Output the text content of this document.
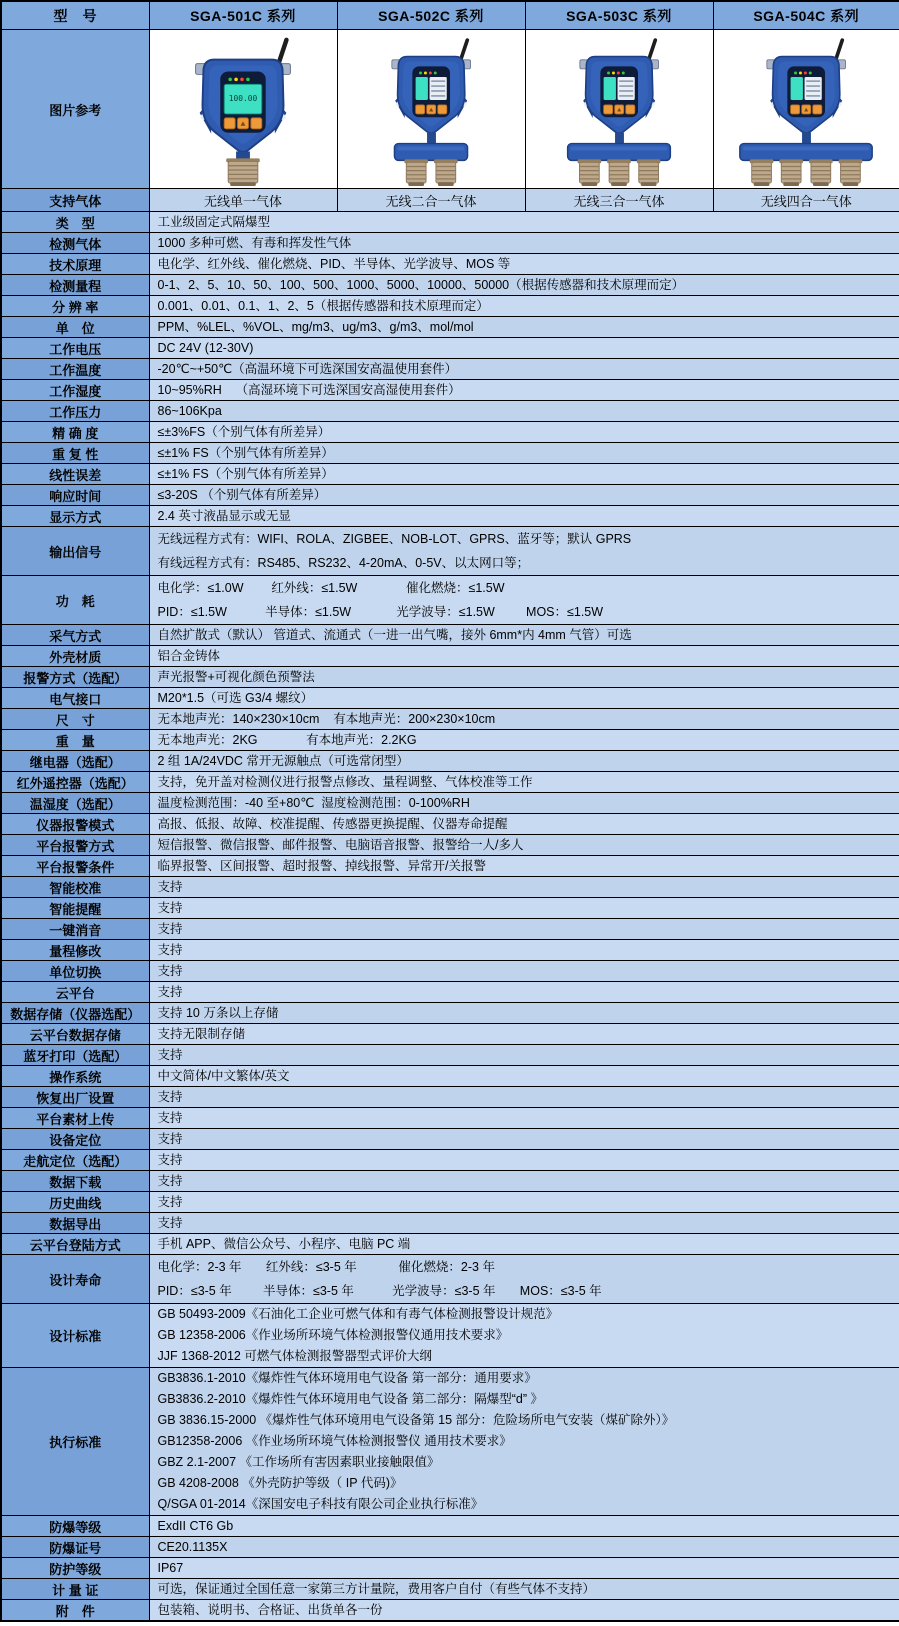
型　号	SGA-501C 系列	SGA-502C 系列	SGA-503C 系列	SGA-504C 系列
图片参考	100.00

支持气体	无线单一气体	无线二合一气体	无线三合一气体	无线四合一气体
类　型	工业级固定式隔爆型			

检测气体	1000 多种可燃、有毒和挥发性气体			

技术原理	电化学、红外线、催化燃烧、PID、半导体、光学波导、MOS 等			

检测量程	0-1、2、5、10、50、100、500、1000、5000、10000、50000（根据传感器和技术原理而定）			

分 辨 率	0.001、0.01、0.1、1、2、5（根据传感器和技术原理而定）			

单　位	PPM、%LEL、%VOL、mg/m3、ug/m3、g/m3、mol/mol			

工作电压	DC 24V (12-30V)			

工作温度	-20℃~+50℃（高温环境下可选深国安高温使用套件）			

工作湿度	10~95%RH    （高湿环境下可选深国安高湿使用套件）			

工作压力	86~106Kpa			

精 确 度	≤±3%FS（个别气体有所差异）			

重 复 性	≤±1% FS（个别气体有所差异）			

线性误差	≤±1% FS（个别气体有所差异）			

响应时间	≤3-20S （个别气体有所差异）			

显示方式	2.4 英寸液晶显示或无显			

输出信号	无线远程方式有：WIFI、ROLA、ZIGBEE、NOB-LOT、GPRS、蓝牙等；默认 GPRS
有线远程方式有：RS485、RS232、4-20mA、0-5V、以太网口等；			

功　耗	电化学：≤1.0W        红外线：≤1.5W              催化燃烧：≤1.5W
PID：≤1.5W           半导体：≤1.5W             光学波导：≤1.5W         MOS：≤1.5W			

采气方式	自然扩散式（默认） 管道式、流通式（一进一出气嘴，接外 6mm*内 4mm 气管）可选			

外壳材质	铝合金铸体			

报警方式（选配）	声光报警+可视化颜色预警法			

电气接口	M20*1.5（可选 G3/4 螺纹）			

尺　寸	无本地声光：140×230×10cm    有本地声光：200×230×10cm			

重　量	无本地声光：2KG              有本地声光：2.2KG			

继电器（选配）	2 组 1A/24VDC 常开无源触点（可选常闭型）			

红外遥控器（选配）	支持，免开盖对检测仪进行报警点修改、量程调整、气体校准等工作			

温湿度（选配）	温度检测范围：-40 至+80℃  湿度检测范围：0-100%RH			

仪器报警模式	高报、低报、故障、校准提醒、传感器更换提醒、仪器寿命提醒			

平台报警方式	短信报警、微信报警、邮件报警、电脑语音报警、报警给一人/多人			

平台报警条件	临界报警、区间报警、超时报警、掉线报警、异常开/关报警			

智能校准	支持			

智能提醒	支持			

一键消音	支持			

量程修改	支持			

单位切换	支持			

云平台	支持			

数据存储（仪器选配）	支持 10 万条以上存储			

云平台数据存储	支持无限制存储			

蓝牙打印（选配）	支持			

操作系统	中文简体/中文繁体/英文			

恢复出厂设置	支持			

平台素材上传	支持			

设备定位	支持			

走航定位（选配）	支持			

数据下载	支持			

历史曲线	支持			

数据导出	支持			

云平台登陆方式	手机 APP、微信公众号、小程序、电脑 PC 端			

设计寿命	电化学：2-3 年       红外线：≤3-5 年            催化燃烧：2-3 年
PID：≤3-5 年         半导体：≤3-5 年           光学波导：≤3-5 年       MOS：≤3-5 年			

设计标准	GB 50493-2009《石油化工企业可燃气体和有毒气体检测报警设计规范》
GB 12358-2006《作业场所环境气体检测报警仪通用技术要求》
JJF 1368-2012 可燃气体检测报警器型式评价大纲			

执行标准	
GB3836.1-2010《爆炸性气体环境用电气设备 第一部分：通用要求》
GB3836.2-2010《爆炸性气体环境用电气设备 第二部分：隔爆型“d” 》
GB 3836.15-2000 《爆炸性气体环境用电气设备第 15 部分：危险场所电气安装（煤矿除外）》
GB12358-2006 《作业场所环境气体检测报警仪 通用技术要求》
GBZ 2.1-2007 《工作场所有害因素职业接触限值》
GB 4208-2008 《外壳防护等级（ IP 代码)》
Q/SGA 01-2014《深国安电子科技有限公司企业执行标准》

防爆等级	ExdII CT6 Gb			

防爆证号	CE20.1135X			

防护等级	IP67			

计 量 证	可选，保证通过全国任意一家第三方计量院，费用客户自付（有些气体不支持）			

附　件	包装箱、说明书、合格证、出货单各一份			
